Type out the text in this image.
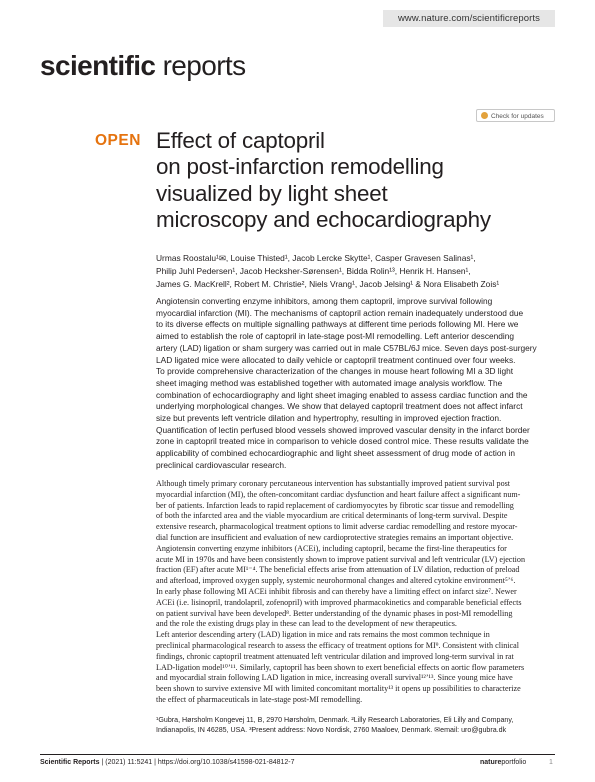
www.nature.com/scientificreports
scientific reports
Check for updates
OPEN Effect of captopril
on post-infarction remodelling
visualized by light sheet
microscopy and echocardiography
Urmas Roostalu¹✉, Louise Thisted¹, Jacob Lercke Skytte¹, Casper Gravesen Salinas¹,
Philip Juhl Pedersen¹, Jacob Hecksher-Sørensen¹, Bidda Rolin¹³, Henrik H. Hansen¹,
James G. MacKrell², Robert M. Christie², Niels Vrang¹, Jacob Jelsing¹ & Nora Elisabeth Zois¹
Angiotensin converting enzyme inhibitors, among them captopril, improve survival following
myocardial infarction (MI). The mechanisms of captopril action remain inadequately understood due
to its diverse effects on multiple signalling pathways at different time periods following MI. Here we
aimed to establish the role of captopril in late-stage post-MI remodelling. Left anterior descending
artery (LAD) ligation or sham surgery was carried out in male C57BL/6J mice. Seven days post-surgery
LAD ligated mice were allocated to daily vehicle or captopril treatment continued over four weeks.
To provide comprehensive characterization of the changes in mouse heart following MI a 3D light
sheet imaging method was established together with automated image analysis workflow. The
combination of echocardiography and light sheet imaging enabled to assess cardiac function and the
underlying morphological changes. We show that delayed captopril treatment does not affect infarct
size but prevents left ventricle dilation and hypertrophy, resulting in improved ejection fraction.
Quantification of lectin perfused blood vessels showed improved vascular density in the infarct border
zone in captopril treated mice in comparison to vehicle dosed control mice. These results validate the
applicability of combined echocardiographic and light sheet assessment of drug mode of action in
preclinical cardiovascular research.
Although timely primary coronary percutaneous intervention has substantially improved patient survival post
myocardial infarction (MI), the often-concomitant cardiac dysfunction and heart failure affect a significant num-
ber of patients. Infarction leads to rapid replacement of cardiomyocytes by fibrotic scar tissue and remodelling
of both the infarcted area and the viable myocardium are critical determinants of long-term survival. Despite
extensive research, pharmacological treatment options to limit adverse cardiac remodelling and restore myocar-
dial function are insufficient and evaluation of new cardioprotective strategies remains an important objective.
Angiotensin converting enzyme inhibitors (ACEi), including captopril, became the first-line therapeutics for
acute MI in 1970s and have been consistently shown to improve patient survival and left ventricular (LV) ejection
fraction (EF) after acute MI¹⁻⁴. The beneficial effects arise from attenuation of LV dilation, reduction of preload
and afterload, improved oxygen supply, systemic neurohormonal changes and altered cytokine environment⁵ʼ⁶.
In early phase following MI ACEi inhibit fibrosis and can thereby have a limiting effect on infarct size⁷. Newer
ACEi (i.e. lisinopril, trandolapril, zofenopril) with improved pharmacokinetics and comparable beneficial effects
on patient survival have been developed⁸. Better understanding of the dynamic phases in post-MI remodelling
and the role the existing drugs play in these can lead to the development of new therapeutics.
Left anterior descending artery (LAD) ligation in mice and rats remains the most common technique in
preclinical pharmacological research to assess the efficacy of treatment options for MI⁹. Consistent with clinical
findings, chronic captopril treatment attenuated left ventricular dilation and improved long-term survival in rat
LAD-ligation model¹⁰ʼ¹¹. Similarly, captopril has been shown to exert beneficial effects on aortic flow parameters
and myocardial strain following LAD ligation in mice, increasing overall survival¹²ʼ¹³. Since young mice have
been shown to survive extensive MI with limited concomitant mortality¹³ it opens up possibilities to characterize
the effect of pharmaceuticals in late-stage post-MI remodelling.
¹Gubra, Hørsholm Kongevej 11, B, 2970 Hørsholm, Denmark. ²Lilly Research Laboratories, Eli Lilly and Company,
Indianapolis, IN 46285, USA. ³Present address: Novo Nordisk, 2760 Maaloev, Denmark. ✉email: uro@gubra.dk
Scientific Reports | (2021) 11:5241 | https://doi.org/10.1038/s41598-021-84812-7	natureportfolio	1
